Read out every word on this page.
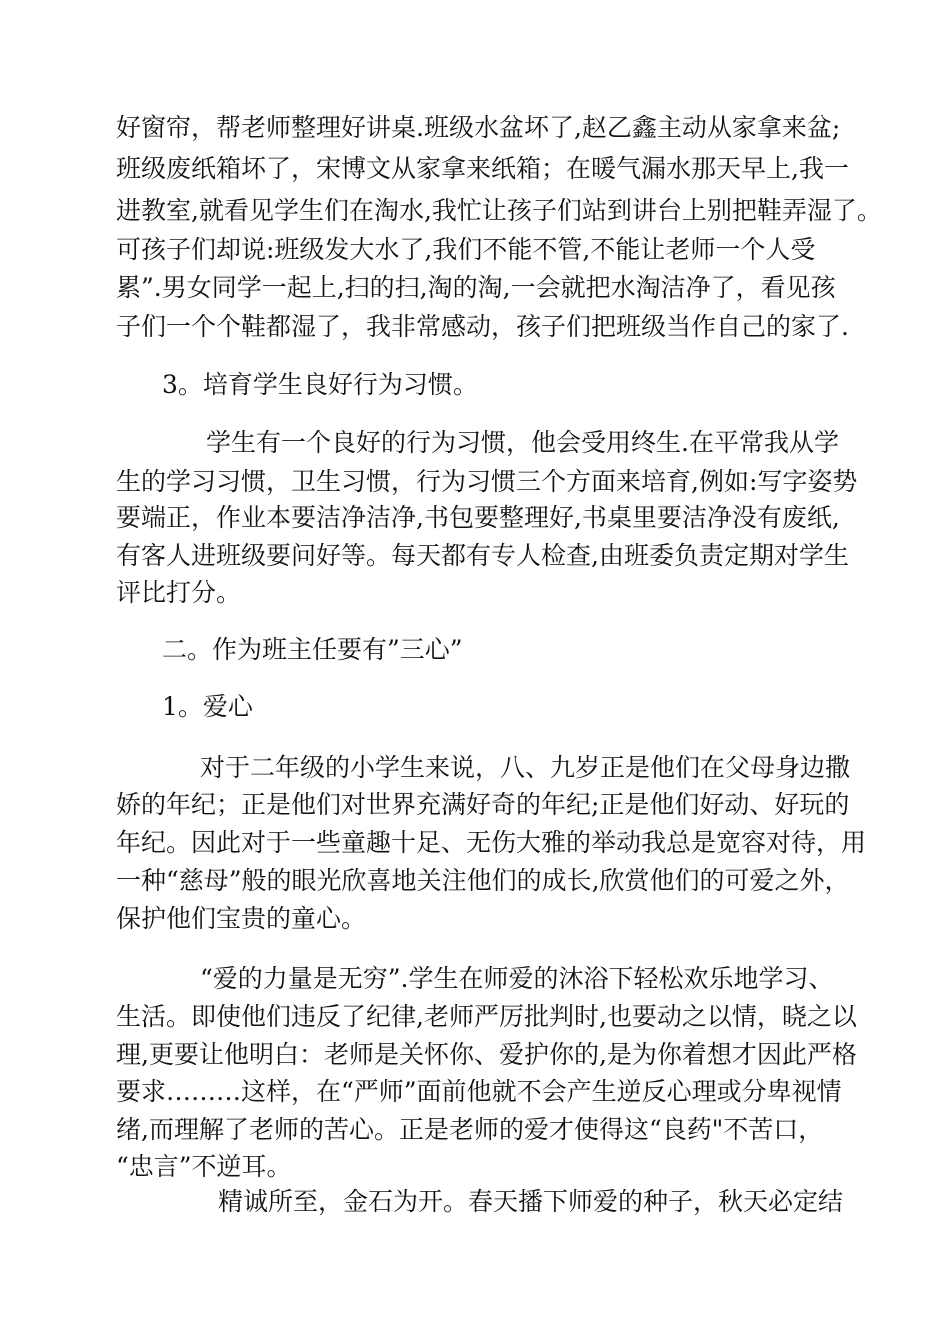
好窗帘，帮老师整理好讲桌.班级水盆坏了,赵乙鑫主动从家拿来盆;
班级废纸箱坏了，宋博文从家拿来纸箱；在暖气漏水那天早上,我一
进教室,就看见学生们在淘水,我忙让孩子们站到讲台上别把鞋弄湿了。
可孩子们却说:班级发大水了,我们不能不管,不能让老师一个人受
累”.男女同学一起上,扫的扫,淘的淘,一会就把水淘洁净了，看见孩
子们一个个鞋都湿了，我非常感动，孩子们把班级当作自己的家了.
3。培育学生良好行为习惯。
学生有一个良好的行为习惯，他会受用终生.在平常我从学
生的学习习惯，卫生习惯，行为习惯三个方面来培育,例如:写字姿势
要端正，作业本要洁净洁净,书包要整理好,书桌里要洁净没有废纸,
有客人进班级要问好等。每天都有专人检查,由班委负责定期对学生
评比打分。
二。作为班主任要有”三心”
1。爱心
对于二年级的小学生来说，八、九岁正是他们在父母身边撒
娇的年纪；正是他们对世界充满好奇的年纪;正是他们好动、好玩的
年纪。因此对于一些童趣十足、无伤大雅的举动我总是宽容对待，用
一种“慈母”般的眼光欣喜地关注他们的成长,欣赏他们的可爱之外，
保护他们宝贵的童心。
“爱的力量是无穷”.学生在师爱的沐浴下轻松欢乐地学习、
生活。即使他们违反了纪律,老师严厉批判时,也要动之以情，晓之以
理,更要让他明白：老师是关怀你、爱护你的,是为你着想才因此严格
要求………这样，在“严师”面前他就不会产生逆反心理或分卑视情
绪,而理解了老师的苦心。正是老师的爱才使得这“良药"不苦口，
“忠言”不逆耳。
精诚所至，金石为开。春天播下师爱的种子，秋天必定结
